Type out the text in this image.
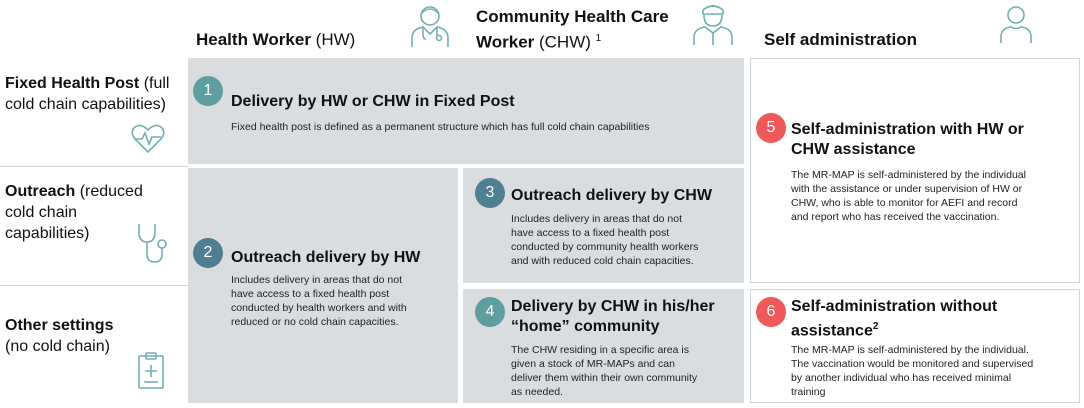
Health Worker (HW)
Community Health Care
Worker (CHW) $^1$	Self administration
Fixed Health Post (full
cold chain capabilities)
Outreach (reduced
cold chain
capabilities)
Other settings
(no cold chain)
1
Delivery by HW or CHW in Fixed Post
Fixed health post is defined as a permanent structure which has full cold chain capabilities
2	Outreach delivery by HW
Includes delivery in areas that do not
have access to a fixed health post
conducted by health workers and with
reduced or no cold chain capacities.
3	Outreach delivery by CHW
Includes delivery in areas that do not
have access to a fixed health post
conducted by community health workers
and with reduced cold chain capacities.
4	Delivery by CHW in his/her
“home” community
The CHW residing in a specific area is
given a stock of MR-MAPs and can
deliver them within their own community
as needed.
5 Self-administration with HW or
CHW assistance
The MR-MAP is self-administered by the individual
with the assistance or under supervision of HW or
CHW, who is able to monitor for AEFI and record
and report who has received the vaccination.
6 Self-administration without
assistance$^2$
The MR-MAP is self-administered by the individual.
The vaccination would be monitored and supervised
by another individual who has received minimal
training
